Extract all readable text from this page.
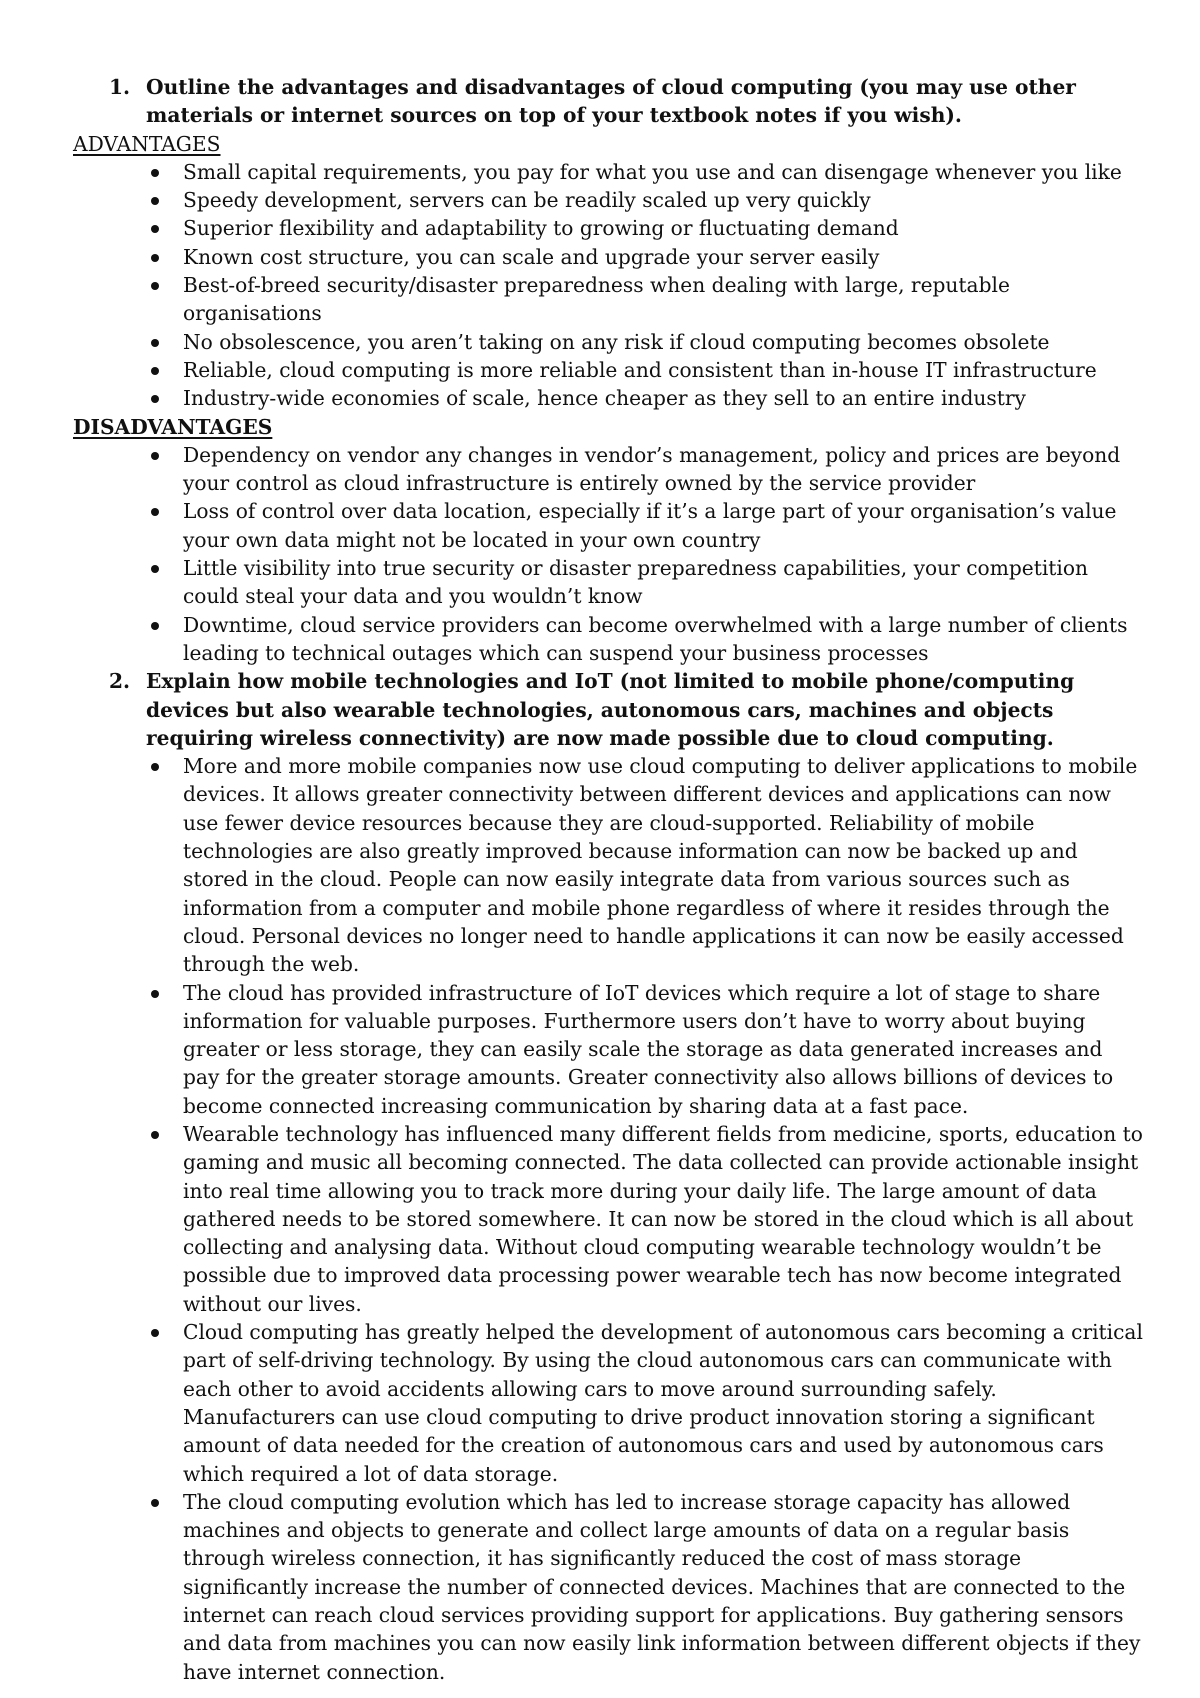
1. Outline the advantages and disadvantages of cloud computing (you may use other materials or internet sources on top of your textbook notes if you wish).
ADVANTAGES
Small capital requirements, you pay for what you use and can disengage whenever you like
Speedy development, servers can be readily scaled up very quickly
Superior flexibility and adaptability to growing or fluctuating demand
Known cost structure, you can scale and upgrade your server easily
Best-of-breed security/disaster preparedness when dealing with large, reputable organisations
No obsolescence, you aren’t taking on any risk if cloud computing becomes obsolete
Reliable, cloud computing is more reliable and consistent than in-house IT infrastructure
Industry-wide economies of scale, hence cheaper as they sell to an entire industry
DISADVANTAGES
Dependency on vendor any changes in vendor’s management, policy and prices are beyond your control as cloud infrastructure is entirely owned by the service provider
Loss of control over data location, especially if it’s a large part of your organisation’s value your own data might not be located in your own country
Little visibility into true security or disaster preparedness capabilities, your competition could steal your data and you wouldn’t know
Downtime, cloud service providers can become overwhelmed with a large number of clients leading to technical outages which can suspend your business processes
2. Explain how mobile technologies and IoT (not limited to mobile phone/computing devices but also wearable technologies, autonomous cars, machines and objects requiring wireless connectivity) are now made possible due to cloud computing.
More and more mobile companies now use cloud computing to deliver applications to mobile devices. It allows greater connectivity between different devices and applications can now use fewer device resources because they are cloud-supported. Reliability of mobile technologies are also greatly improved because information can now be backed up and stored in the cloud. People can now easily integrate data from various sources such as information from a computer and mobile phone regardless of where it resides through the cloud. Personal devices no longer need to handle applications it can now be easily accessed through the web.
The cloud has provided infrastructure of IoT devices which require a lot of stage to share information for valuable purposes. Furthermore users don’t have to worry about buying greater or less storage, they can easily scale the storage as data generated increases and pay for the greater storage amounts. Greater connectivity also allows billions of devices to become connected increasing communication by sharing data at a fast pace.
Wearable technology has influenced many different fields from medicine, sports, education to gaming and music all becoming connected. The data collected can provide actionable insight into real time allowing you to track more during your daily life. The large amount of data gathered needs to be stored somewhere. It can now be stored in the cloud which is all about collecting and analysing data. Without cloud computing wearable technology wouldn’t be possible due to improved data processing power wearable tech has now become integrated without our lives.
Cloud computing has greatly helped the development of autonomous cars becoming a critical part of self-driving technology. By using the cloud autonomous cars can communicate with each other to avoid accidents allowing cars to move around surrounding safely. Manufacturers can use cloud computing to drive product innovation storing a significant amount of data needed for the creation of autonomous cars and used by autonomous cars which required a lot of data storage.
The cloud computing evolution which has led to increase storage capacity has allowed machines and objects to generate and collect large amounts of data on a regular basis through wireless connection, it has significantly reduced the cost of mass storage significantly increase the number of connected devices. Machines that are connected to the internet can reach cloud services providing support for applications. Buy gathering sensors and data from machines you can now easily link information between different objects if they have internet connection.
